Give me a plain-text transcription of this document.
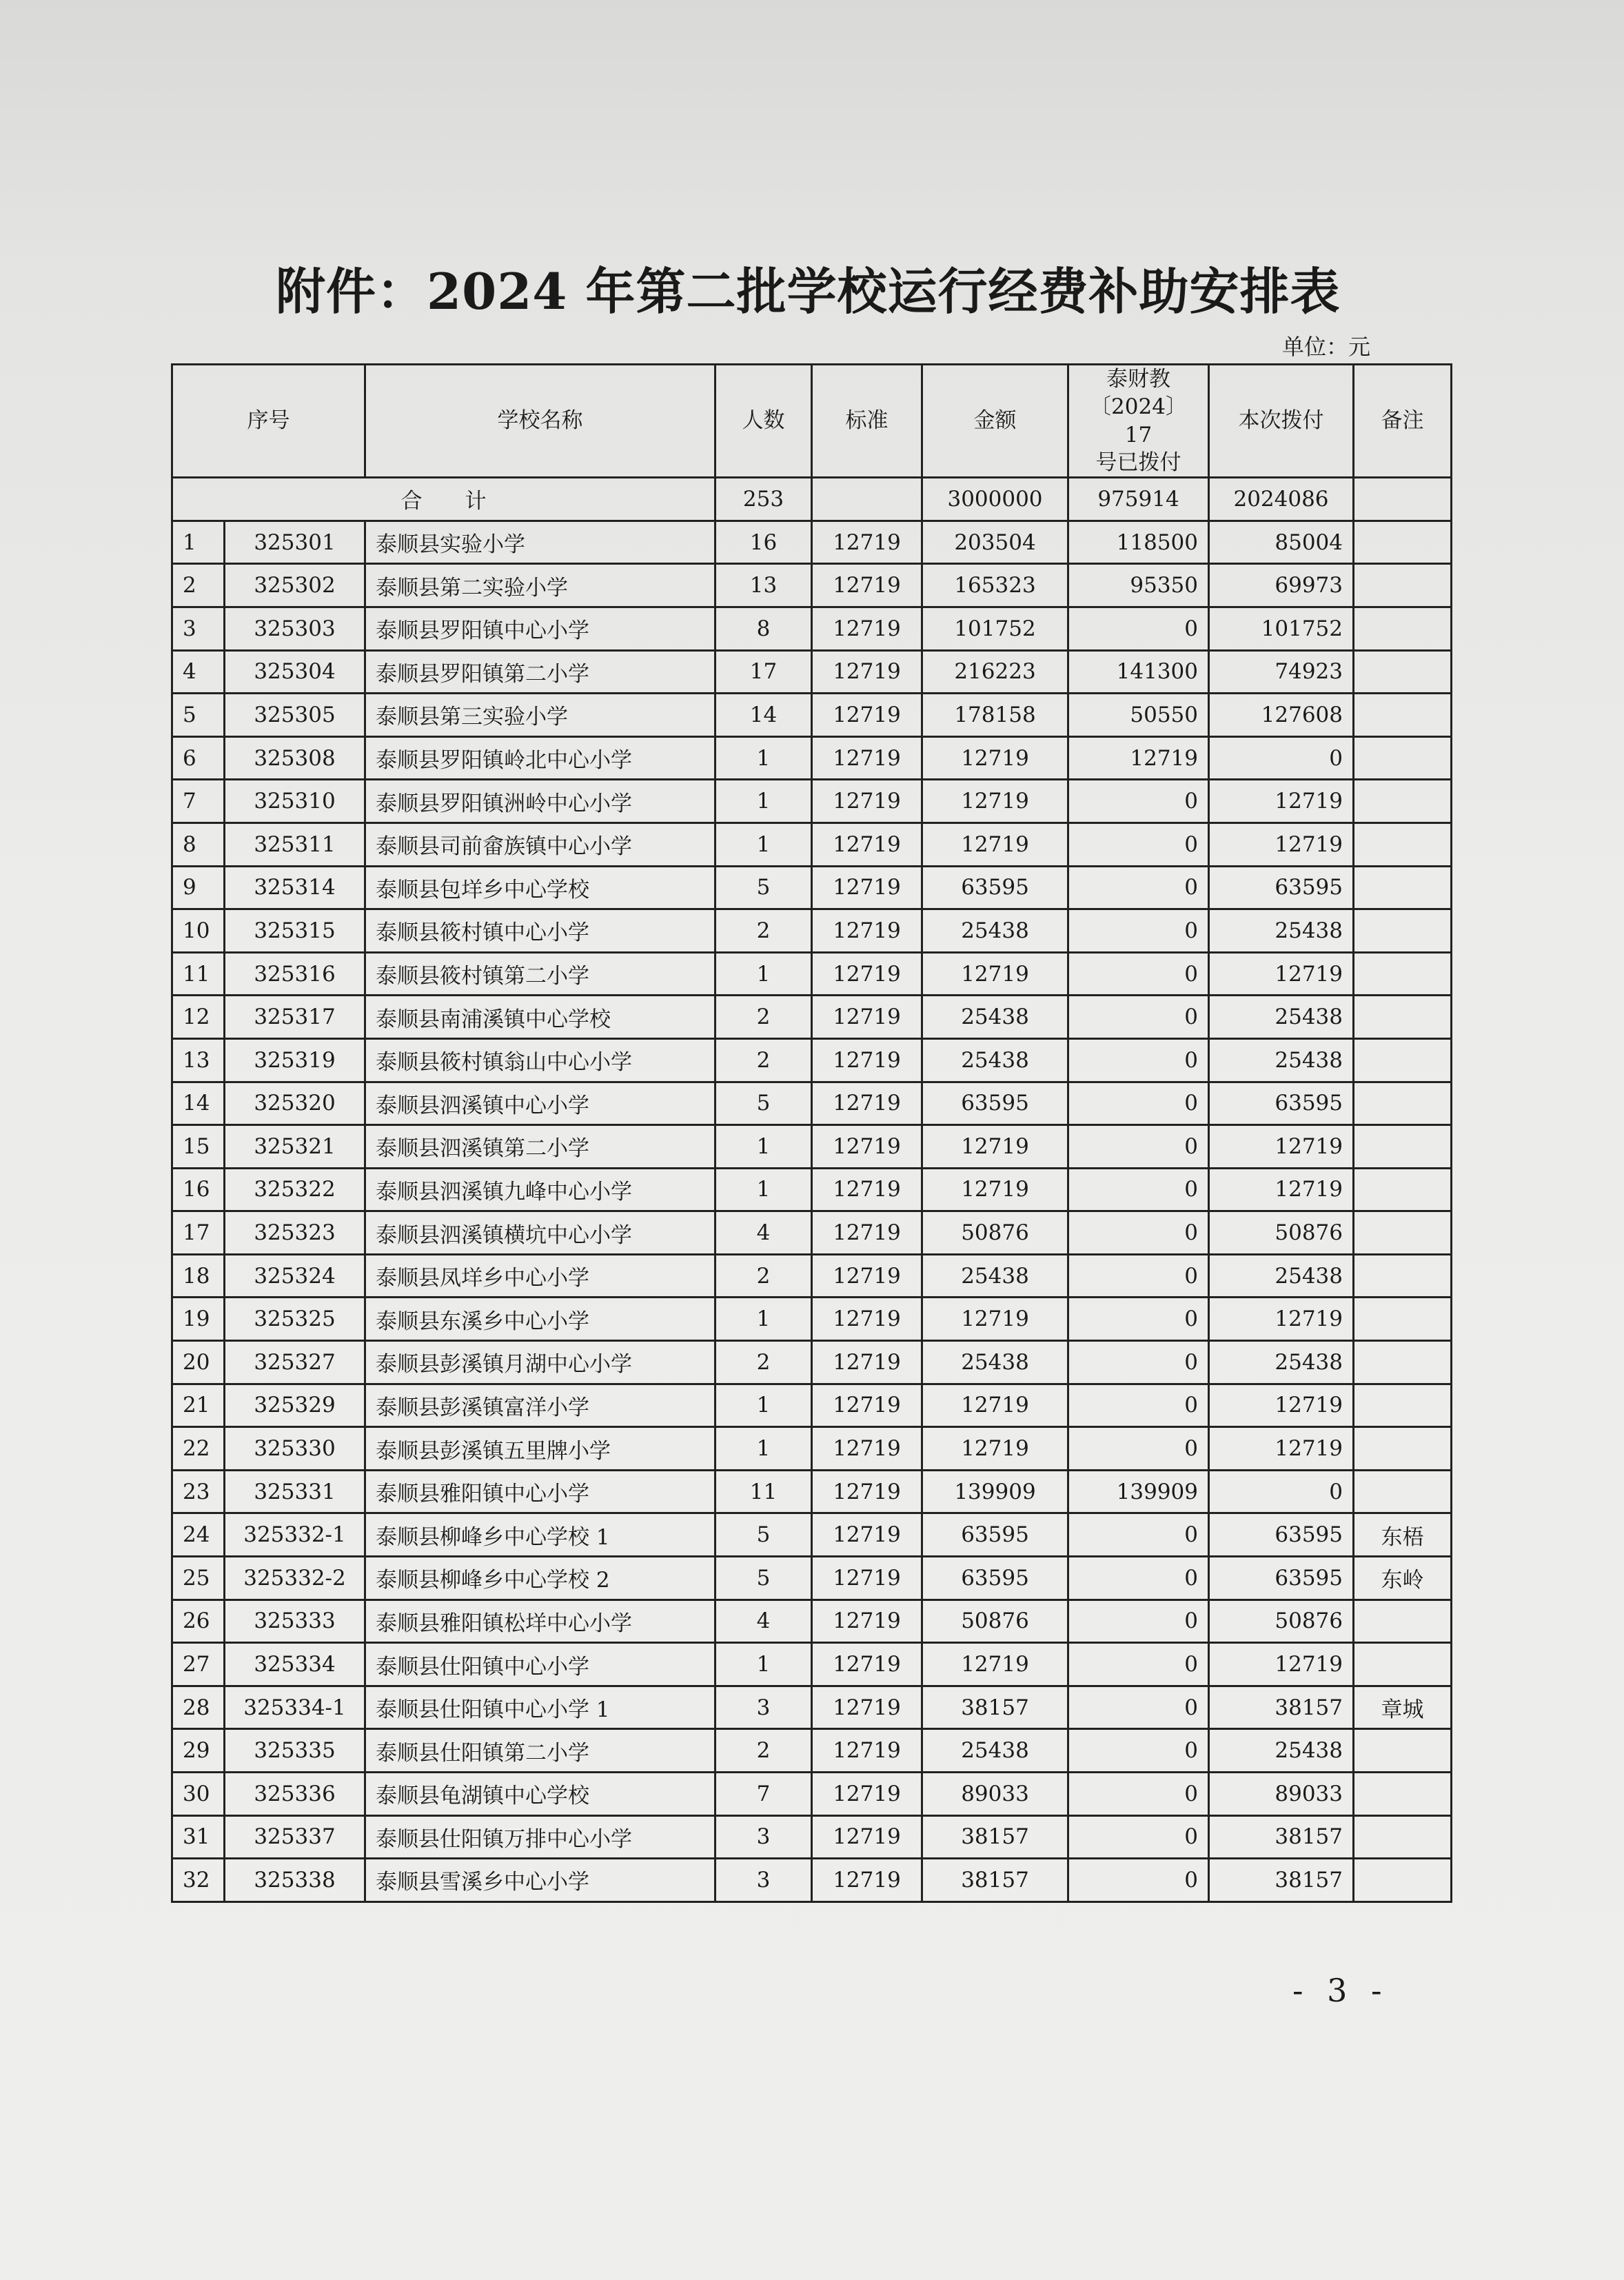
附件：2024 年第二批学校运行经费补助安排表
单位：元
序号		学校名称	人数	标准	金额	泰财教
〔2024〕17
号已拨付	本次拨付	备注
合　　计			253		3000000	975914	2024086	
1	325301	泰顺县实验小学	16	12719	203504	118500	85004	
2	325302	泰顺县第二实验小学	13	12719	165323	95350	69973	
3	325303	泰顺县罗阳镇中心小学	8	12719	101752	0	101752	
4	325304	泰顺县罗阳镇第二小学	17	12719	216223	141300	74923	
5	325305	泰顺县第三实验小学	14	12719	178158	50550	127608	
6	325308	泰顺县罗阳镇岭北中心小学	1	12719	12719	12719	0	
7	325310	泰顺县罗阳镇洲岭中心小学	1	12719	12719	0	12719	
8	325311	泰顺县司前畲族镇中心小学	1	12719	12719	0	12719	
9	325314	泰顺县包垟乡中心学校	5	12719	63595	0	63595	
10	325315	泰顺县筱村镇中心小学	2	12719	25438	0	25438	
11	325316	泰顺县筱村镇第二小学	1	12719	12719	0	12719	
12	325317	泰顺县南浦溪镇中心学校	2	12719	25438	0	25438	
13	325319	泰顺县筱村镇翁山中心小学	2	12719	25438	0	25438	
14	325320	泰顺县泗溪镇中心小学	5	12719	63595	0	63595	
15	325321	泰顺县泗溪镇第二小学	1	12719	12719	0	12719	
16	325322	泰顺县泗溪镇九峰中心小学	1	12719	12719	0	12719	
17	325323	泰顺县泗溪镇横坑中心小学	4	12719	50876	0	50876	
18	325324	泰顺县凤垟乡中心小学	2	12719	25438	0	25438	
19	325325	泰顺县东溪乡中心小学	1	12719	12719	0	12719	
20	325327	泰顺县彭溪镇月湖中心小学	2	12719	25438	0	25438	
21	325329	泰顺县彭溪镇富洋小学	1	12719	12719	0	12719	
22	325330	泰顺县彭溪镇五里牌小学	1	12719	12719	0	12719	
23	325331	泰顺县雅阳镇中心小学	11	12719	139909	139909	0	
24	325332-1	泰顺县柳峰乡中心学校 1	5	12719	63595	0	63595	东梧
25	325332-2	泰顺县柳峰乡中心学校 2	5	12719	63595	0	63595	东岭
26	325333	泰顺县雅阳镇松垟中心小学	4	12719	50876	0	50876	
27	325334	泰顺县仕阳镇中心小学	1	12719	12719	0	12719	
28	325334-1	泰顺县仕阳镇中心小学 1	3	12719	38157	0	38157	章城
29	325335	泰顺县仕阳镇第二小学	2	12719	25438	0	25438	
30	325336	泰顺县龟湖镇中心学校	7	12719	89033	0	89033	
31	325337	泰顺县仕阳镇万排中心小学	3	12719	38157	0	38157	
32	325338	泰顺县雪溪乡中心小学	3	12719	38157	0	38157	
- 3 -
